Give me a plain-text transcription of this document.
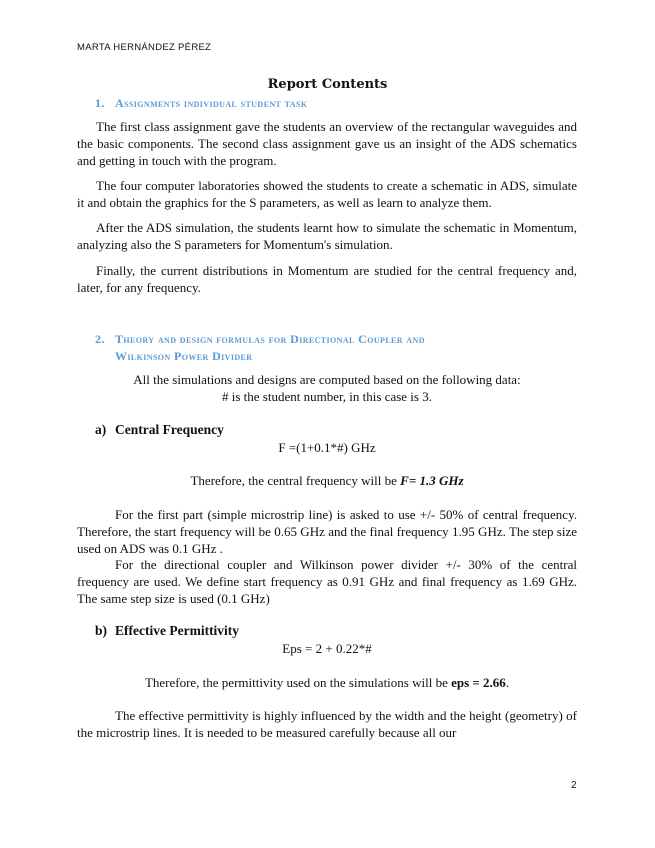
MARTA HERNÁNDEZ PÉREZ
Report Contents
1. Assignments individual student task
The first class assignment gave the students an overview of the rectangular waveguides and the basic components. The second class assignment gave us an insight of the ADS schematics and getting in touch with the program.
The four computer laboratories showed the students to create a schematic in ADS, simulate it and obtain the graphics for the S parameters, as well as learn to analyze them.
After the ADS simulation, the students learnt how to simulate the schematic in Momentum, analyzing also the S parameters for Momentum's simulation.
Finally, the current distributions in Momentum are studied for the central frequency and, later, for any frequency.
2. Theory and design formulas for Directional Coupler and
Wilkinson Power Divider
All the simulations and designs are computed based on the following data:
# is the student number, in this case is 3.
a) Central Frequency
F =(1+0.1*#) GHz
Therefore, the central frequency will be F= 1.3 GHz
For the first part (simple microstrip line) is asked to use +/- 50% of central frequency. Therefore, the start frequency will be 0.65 GHz and the final frequency 1.95 GHz. The step size used on ADS was 0.1 GHz .
For the directional coupler and Wilkinson power divider +/- 30% of the central frequency are used. We define start frequency as 0.91 GHz and final frequency as 1.69 GHz. The same step size is used (0.1 GHz)
b) Effective Permittivity
Eps = 2 + 0.22*#
Therefore, the permittivity used on the simulations will be eps = 2.66.
The effective permittivity is highly influenced by the width and the height (geometry) of the microstrip lines. It is needed to be measured carefully because all our
2
